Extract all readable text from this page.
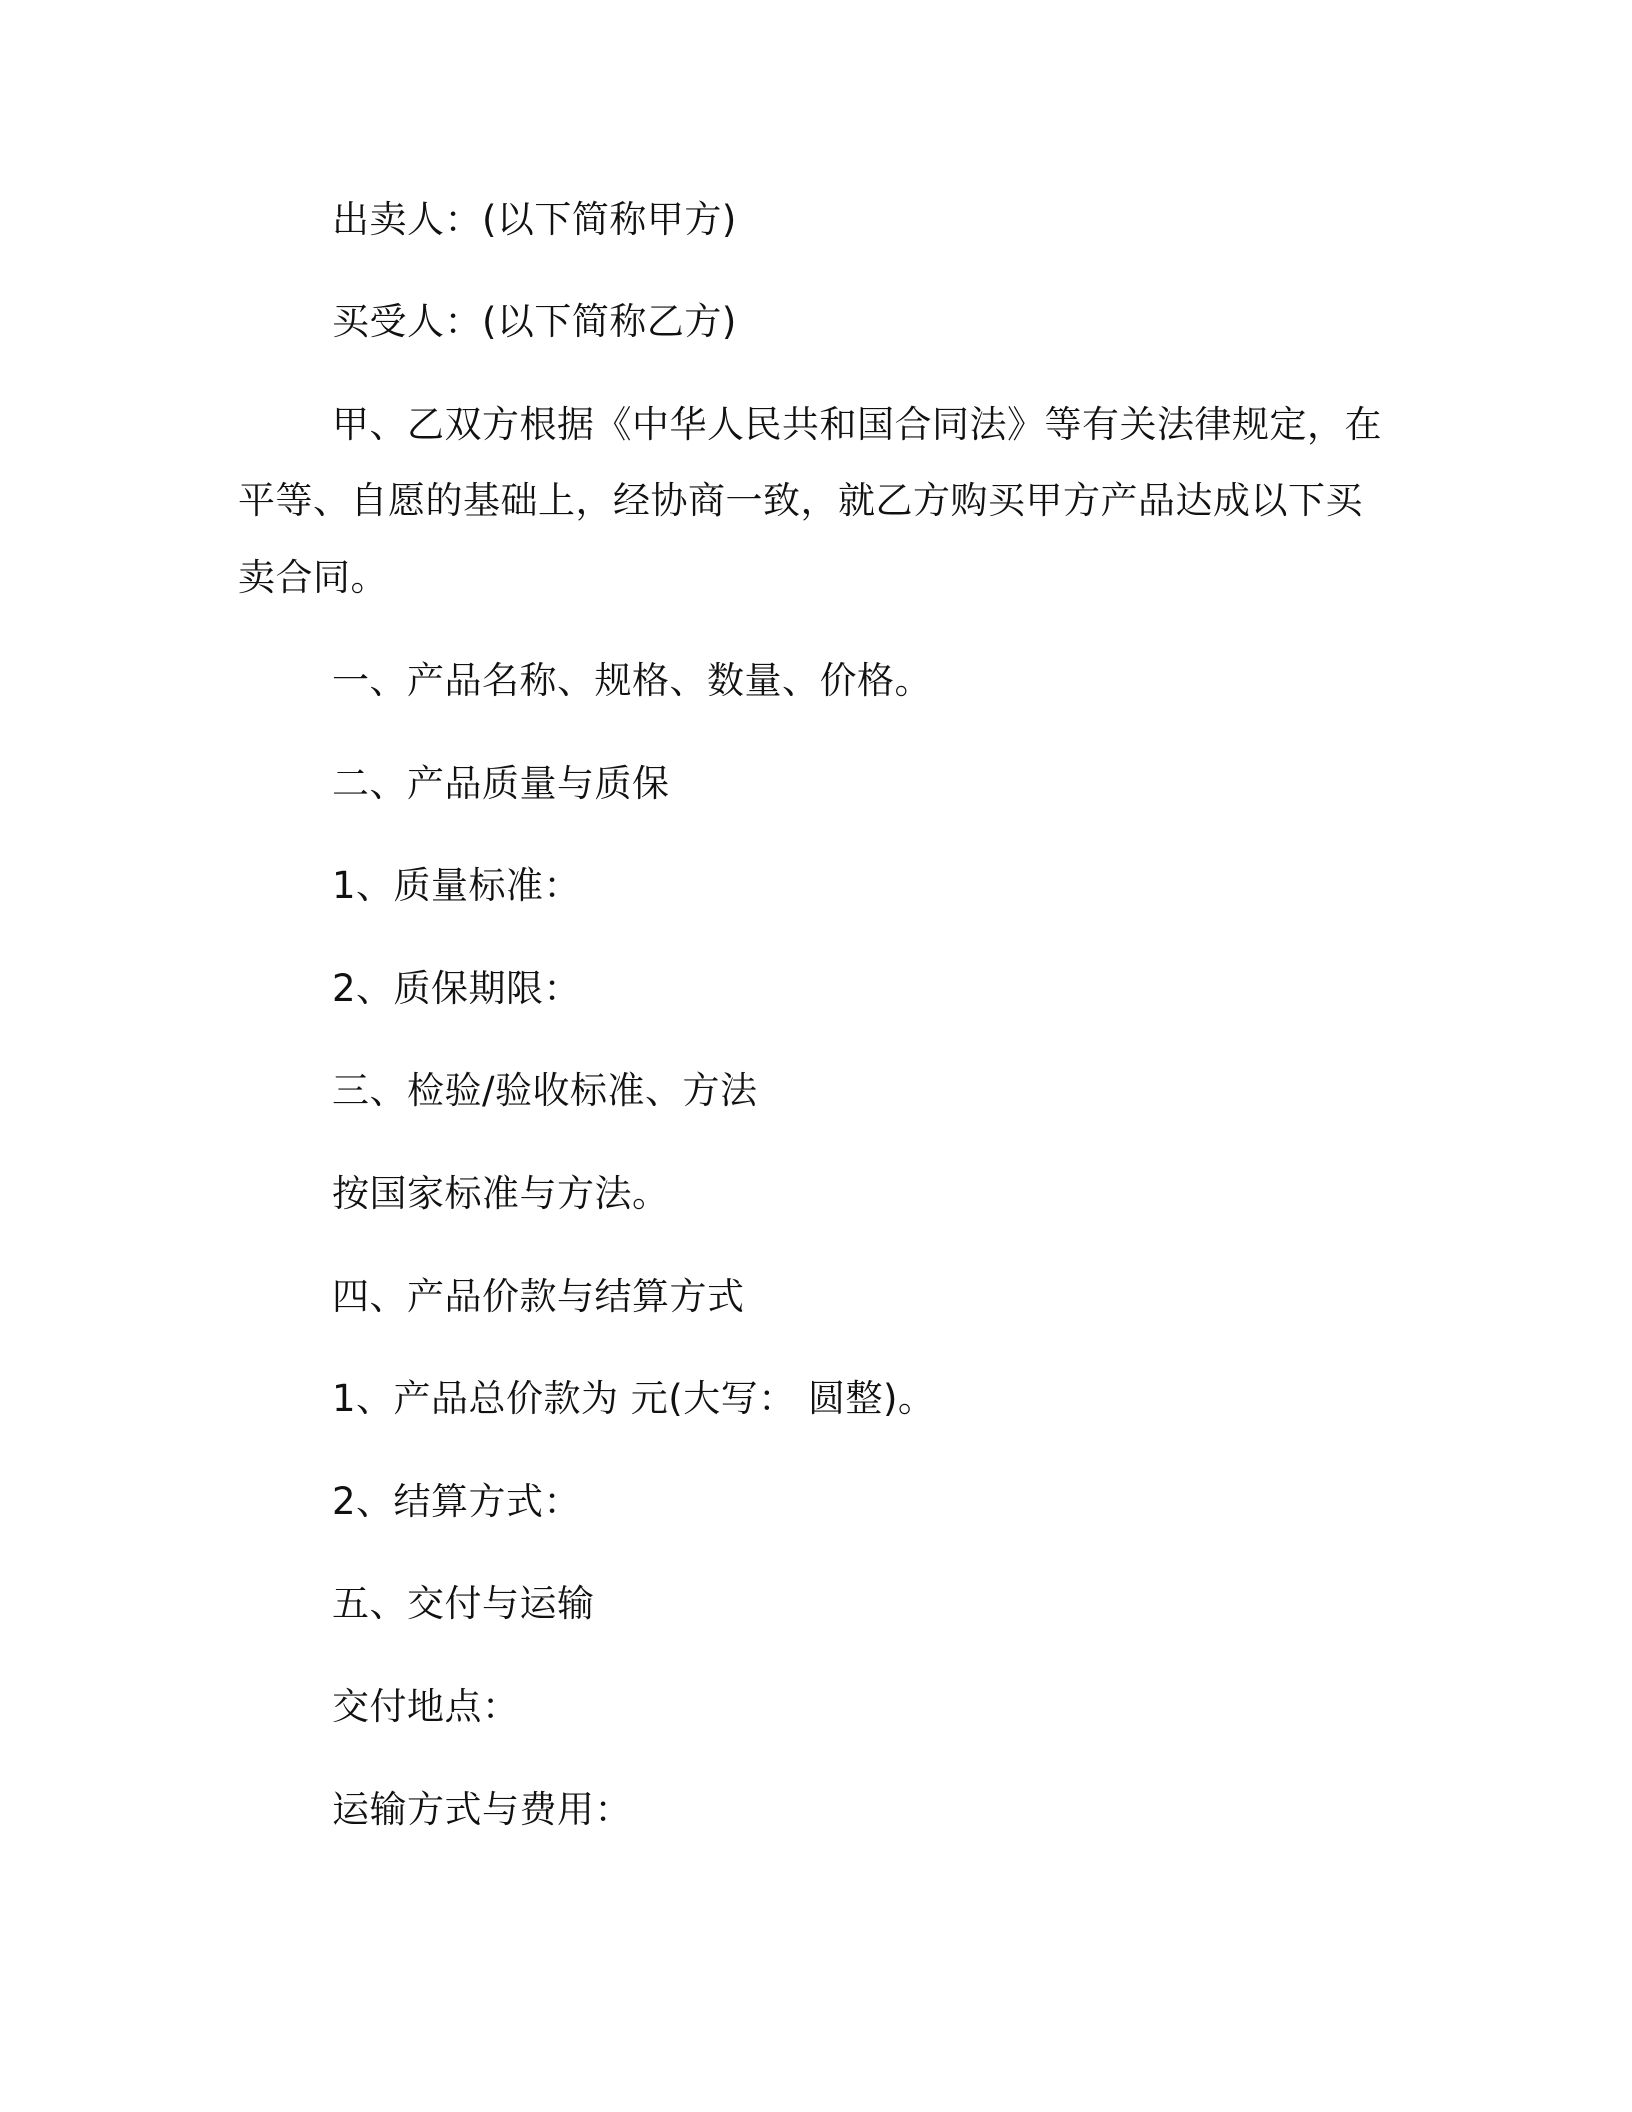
出卖人：(以下简称甲方)
买受人：(以下简称乙方)
甲、乙双方根据《中华人民共和国合同法》等有关法律规定，在
平等、自愿的基础上，经协商一致，就乙方购买甲方产品达成以下买
卖合同。
一、产品名称、规格、数量、价格。
二、产品质量与质保
1、质量标准：
2、质保期限：
三、检验/验收标准、方法
按国家标准与方法。
四、产品价款与结算方式
1、产品总价款为 元(大写： 圆整)。
2、结算方式：
五、交付与运输
交付地点：
运输方式与费用：
